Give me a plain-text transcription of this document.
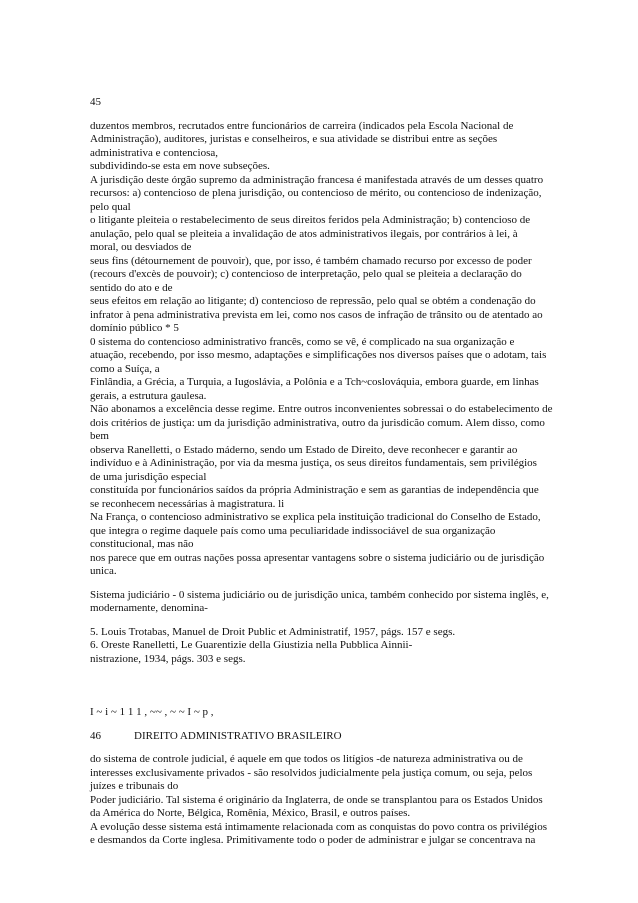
45

duzentos membros, recrutados entre funcionários de carreira (indicados pela Escola Nacional de

Administração), auditores, juristas e conselheiros, e sua atividade se distribui entre as seções

administrativa e contenciosa,

subdividindo-se esta em nove subseções.

A jurisdição deste órgão supremo da administração francesa é manifestada através de um desses quatro

recursos: a) contencioso de plena jurisdição, ou contencioso de mérito, ou contencioso de indenização,

pelo qual

o litigante pleiteia o restabelecimento de seus direitos feridos pela Administração; b) contencioso de

anulação, pelo qual se pleiteia a invalidação de atos administrativos ilegais, por contrários à lei, à

moral, ou desviados de

seus fins (détournement de pouvoir), que, por isso, é também chamado recurso por excesso de poder

(recours d'excès de pouvoir); c) contencioso de interpretação, pelo qual se pleiteia a declaração do

sentido do ato e de

seus efeitos em relação ao litigante; d) contencioso de repressão, pelo qual se obtém a condenação do

infrator à pena administrativa prevista em lei, como nos casos de infração de trânsito ou de atentado ao

domínio público * 5

0 sistema do contencioso administrativo francês, como se vê, é complicado na sua organização e

atuação, recebendo, por isso mesmo, adaptações e simplificações nos diversos países que o adotam, tais

como a Suíça, a

Finlândia, a Grécia, a Turquia, a Iugoslávia, a Polônia e a Tch~coslováquia, embora guarde, em linhas

gerais, a estrutura gaulesa.

Não abonamos a excelência desse regime. Entre outros inconvenientes sobressai o do estabelecimento de

dois critérios de justiça: um da jurisdição administrativa, outro da jurisdicão comum. Alem disso, como

bem

observa Ranelletti, o Estado máderno, sendo um Estado de Direito, deve reconhecer e garantir ao

indivíduo e à Adininistração, por via da mesma justiça, os seus direitos fundamentais, sem privilégios

de uma jurisdição especial

constituída por funcionários saídos da própria Administração e sem as garantias de independência que

se reconhecem necessárias à magistratura. li

Na França, o contencioso administrativo se explica pela instituição tradicional do Conselho de Estado,

que integra o regime daquele país como uma peculiaridade indissociável de sua organização

constitucional, mas não

nos parece que em outras nações possa apresentar vantagens sobre o sistema judiciário ou de jurisdição

unica.

Sistema judiciário - 0 sistema judiciário ou de jurisdição unica, também conhecido por sistema inglês, e,

modernamente, denomina-

5. Louis Trotabas, Manuel de Droit Public et Administratif, 1957, págs. 157 e segs.

6. Oreste Ranelletti, Le Guarentizie della Giustizia nella Pubblica Ainnii-

nistrazione, 1934, págs. 303 e segs.

I ~ i ~ 1 1 1 , ~~ , ~ ~ I ~ p ,

46	DIREITO ADMINISTRATIVO BRASILEIRO

do sistema de controle judicial, é aquele em que todos os litígios -de natureza administrativa ou de

interesses exclusivamente privados - são resolvidos judicialmente pela justiça comum, ou seja, pelos

juízes e tribunais do

Poder judiciário. Tal sistema é originário da Inglaterra, de onde se transplantou para os Estados Unidos

da América do Norte, Bélgica, Romênia, México, Brasil, e outros países.

A evolução desse sistema está intimamente relacionada com as conquistas do povo contra os privilégios

e desmandos da Corte inglesa. Primitivamente todo o poder de administrar e julgar se concentrava na
